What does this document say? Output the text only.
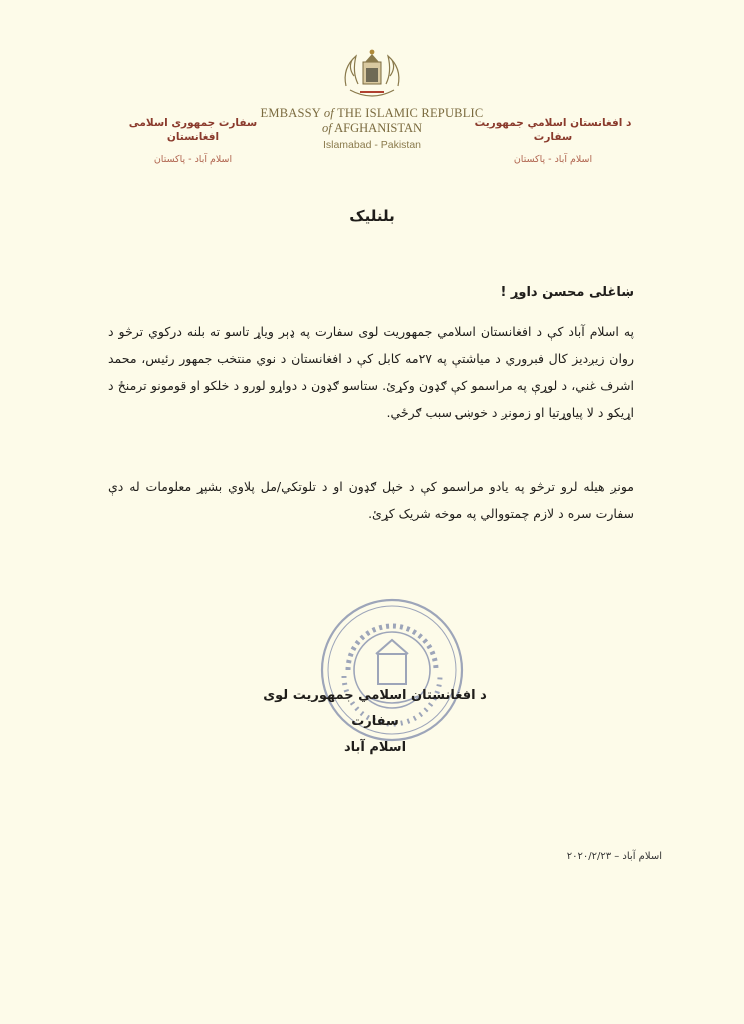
EMBASSY of THE ISLAMIC REPUBLIC
of AFGHANISTAN
Islamabad - Pakistan
سفارت جمهوری اسلامی افغانستان
اسلام آباد - پاکستان
د افغانستان اسلامي جمهوريت سفارت
اسلام آباد - پاکستان
بلنليک
ښاغلی محسن داوړ !
په اسلام آباد کې د افغانستان اسلامي جمهوريت لوی سفارت په ډېر وياړ تاسو ته بلنه درکوي ترڅو د روان زيږديز کال فبروري د مياشتې په ۲۷مه کابل کې د افغانستان د نوي منتخب جمهور رئيس، محمد اشرف غني، د لوړې په مراسمو کې ګډون وکړئ. ستاسو ګډون د دواړو لورو د خلکو او قومونو ترمنځ د اړيکو د لا پياوړتيا او زمونږ د خوښۍ سبب ګرځي.
مونږ هيله لرو ترڅو په يادو مراسمو کې د خپل ګډون او د تلوتکي/مل پلاوي بشپړ معلومات له دې سفارت سره د لازم چمتووالي په موخه شريک کړئ.
د افغانستان اسلامي جمهوريت لوی سفارت
اسلام آباد
اسلام آباد – ۲۰۲۰/۲/۲۳
